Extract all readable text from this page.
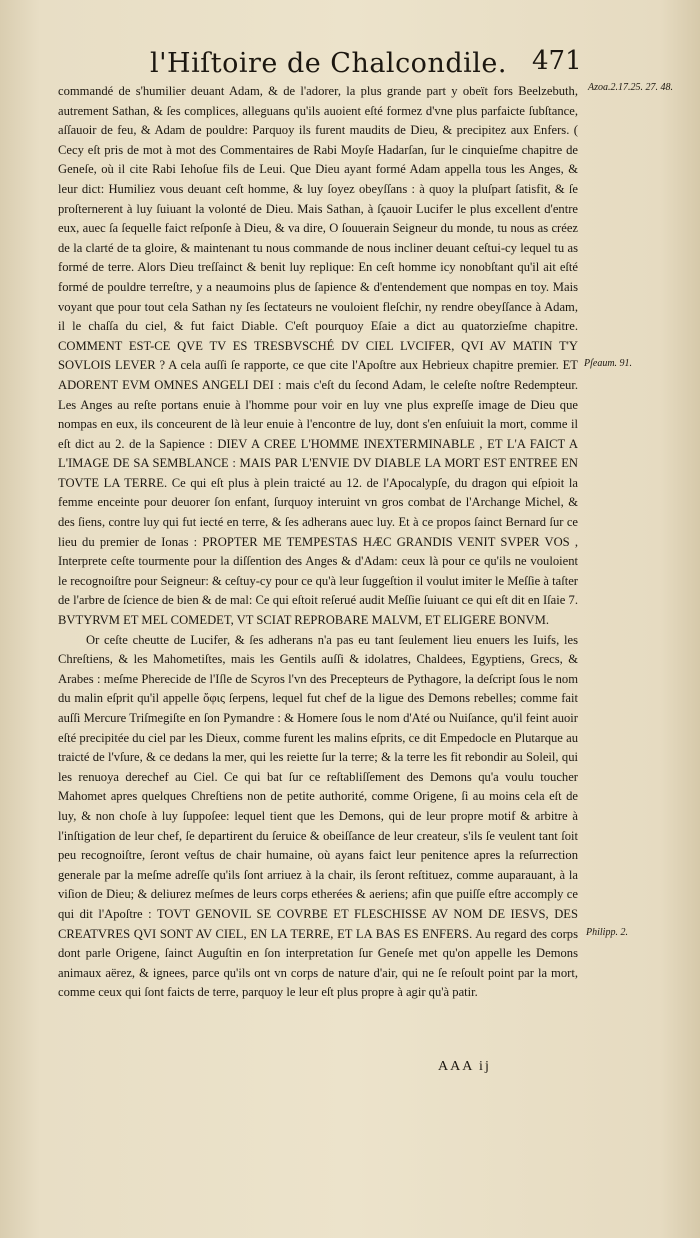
l'Hiſtoire de Chalcondile. 471
Azoa.2.17.25. 27. 48.
Pſeaum. 91.
Philipp. 2.

commandé de s'humilier deuant Adam, & de l'adorer, la plus grande part y obeït fors Beelzebuth, autrement Sathan, & ſes complices, alleguans qu'ils auoient eſté formez d'vne plus parfaicte ſubſtance, aſſauoir de feu, & Adam de pouldre: Parquoy ils furent maudits de Dieu, & precipitez aux Enfers. ( Cecy eſt pris de mot à mot des Commentaires de Rabi Moyſe Hadarſan, ſur le cinquieſme chapitre de Geneſe, où il cite Rabi Iehoſue fils de Leui. Que Dieu ayant formé Adam appella tous les Anges, & leur dict: Humiliez vous deuant ceſt homme, & luy ſoyez obeyſſans : à quoy la pluſpart ſatisfit, & ſe proſternerent à luy ſuiuant la volonté de Dieu. Mais Sathan, à ſçauoir Lucifer le plus excellent d'entre eux, auec ſa ſequelle faict reſponſe à Dieu, & va dire, O ſouuerain Seigneur du monde, tu nous as créez de la clarté de ta gloire, & maintenant tu nous commande de nous incliner deuant ceſtui-cy lequel tu as formé de terre. Alors Dieu treſſainct & benit luy replique: En ceſt homme icy nonobſtant qu'il ait eſté formé de pouldre terreſtre, y a neaumoins plus de ſapience & d'entendement que nompas en toy. Mais voyant que pour tout cela Sathan ny ſes ſectateurs ne vouloient fleſchir, ny rendre obeyſſance à Adam, il le chaſſa du ciel, & fut faict Diable. C'eſt pourquoy Eſaie a dict au quatorzieſme chapitre. COMMENT EST-CE QVE TV ES TRESBVSCHÉ DV CIEL LVCIFER, QVI AV MATIN T'Y SOVLOIS LEVER ? A cela auſſi ſe rapporte, ce que cite l'Apoſtre aux Hebrieux chapitre premier. ET ADORENT EVM OMNES ANGELI DEI : mais c'eſt du ſecond Adam, le celeſte noſtre Redempteur. Les Anges au reſte portans enuie à l'homme pour voir en luy vne plus expreſſe image de Dieu que nompas en eux, ils conceurent de là leur enuie à l'encontre de luy, dont s'en enſuiuit la mort, comme il eſt dict au 2. de la Sapience : DIEV A CREE L'HOMME INEXTERMINABLE , ET L'A FAICT A L'IMAGE DE SA SEMBLANCE : MAIS PAR L'ENVIE DV DIABLE LA MORT EST ENTREE EN TOVTE LA TERRE. Ce qui eſt plus à plein traicté au 12. de l'Apocalypſe, du dragon qui eſpioit la femme enceinte pour deuorer ſon enfant, ſurquoy interuint vn gros combat de l'Archange Michel, & des ſiens, contre luy qui fut iecté en terre, & ſes adherans auec luy. Et à ce propos ſainct Bernard ſur ce lieu du premier de Ionas : PROPTER ME TEMPESTAS HÆC GRANDIS VENIT SVPER VOS , Interprete ceſte tourmente pour la diſſention des Anges & d'Adam: ceux là pour ce qu'ils ne vouloient le recognoiſtre pour Seigneur: & ceſtuy-cy pour ce qu'à leur ſuggeſtion il voulut imiter le Meſſie à taſter de l'arbre de ſcience de bien & de mal: Ce qui eſtoit reſerué audit Meſſie ſuiuant ce qui eſt dit en Iſaie 7. BVTYRVM ET MEL COMEDET, VT SCIAT REPROBARE MALVM, ET ELIGERE BONVM.

Or ceſte cheutte de Lucifer, & ſes adherans n'a pas eu tant ſeulement lieu enuers les Iuifs, les Chreſtiens, & les Mahometiſtes, mais les Gentils auſſi & idolatres, Chaldees, Egyptiens, Grecs, & Arabes : meſme Pherecide de l'Iſle de Scyros l'vn des Precepteurs de Pythagore, la deſcript ſous le nom du malin eſprit qu'il appelle ὄφις ſerpens, lequel fut chef de la ligue des Demons rebelles; comme fait auſſi Mercure Triſmegiſte en ſon Pymandre : & Homere ſous le nom d'Até ou Nuiſance, qu'il feint auoir eſté precipitée du ciel par les Dieux, comme furent les malins eſprits, ce dit Empedocle en Plutarque au traicté de l'vſure, & ce dedans la mer, qui les reiette ſur la terre; & la terre les fit rebondir au Soleil, qui les renuoya derechef au Ciel. Ce qui bat ſur ce reſtabliſſement des Demons qu'a voulu toucher Mahomet apres quelques Chreſtiens non de petite authorité, comme Origene, ſi au moins cela eſt de luy, & non choſe à luy ſuppoſee: lequel tient que les Demons, qui de leur propre motif & arbitre à l'inſtigation de leur chef, ſe departirent du ſeruice & obeiſſance de leur createur, s'ils ſe veulent tant ſoit peu recognoiſtre, ſeront veſtus de chair humaine, où ayans faict leur penitence apres la reſurrection generale par la meſme adreſſe qu'ils ſont arriuez à la chair, ils ſeront reſtituez, comme auparauant, à la viſion de Dieu; & deliurez meſmes de leurs corps etherées & aeriens; afin que puiſſe eſtre accomply ce qui dit l'Apoſtre : TOVT GENOVIL SE COVRBE ET FLESCHISSE AV NOM DE IESVS, DES CREATVRES QVI SONT AV CIEL, EN LA TERRE, ET LA BAS ES ENFERS. Au regard des corps dont parle Origene, ſainct Auguſtin en ſon interpretation ſur Geneſe met qu'on appelle les Demons animaux aërez, & ignees, parce qu'ils ont vn corps de nature d'air, qui ne ſe reſoult point par la mort, comme ceux qui ſont faicts de terre, parquoy le leur eſt plus propre à agir qu'à patir.

AAA ij
